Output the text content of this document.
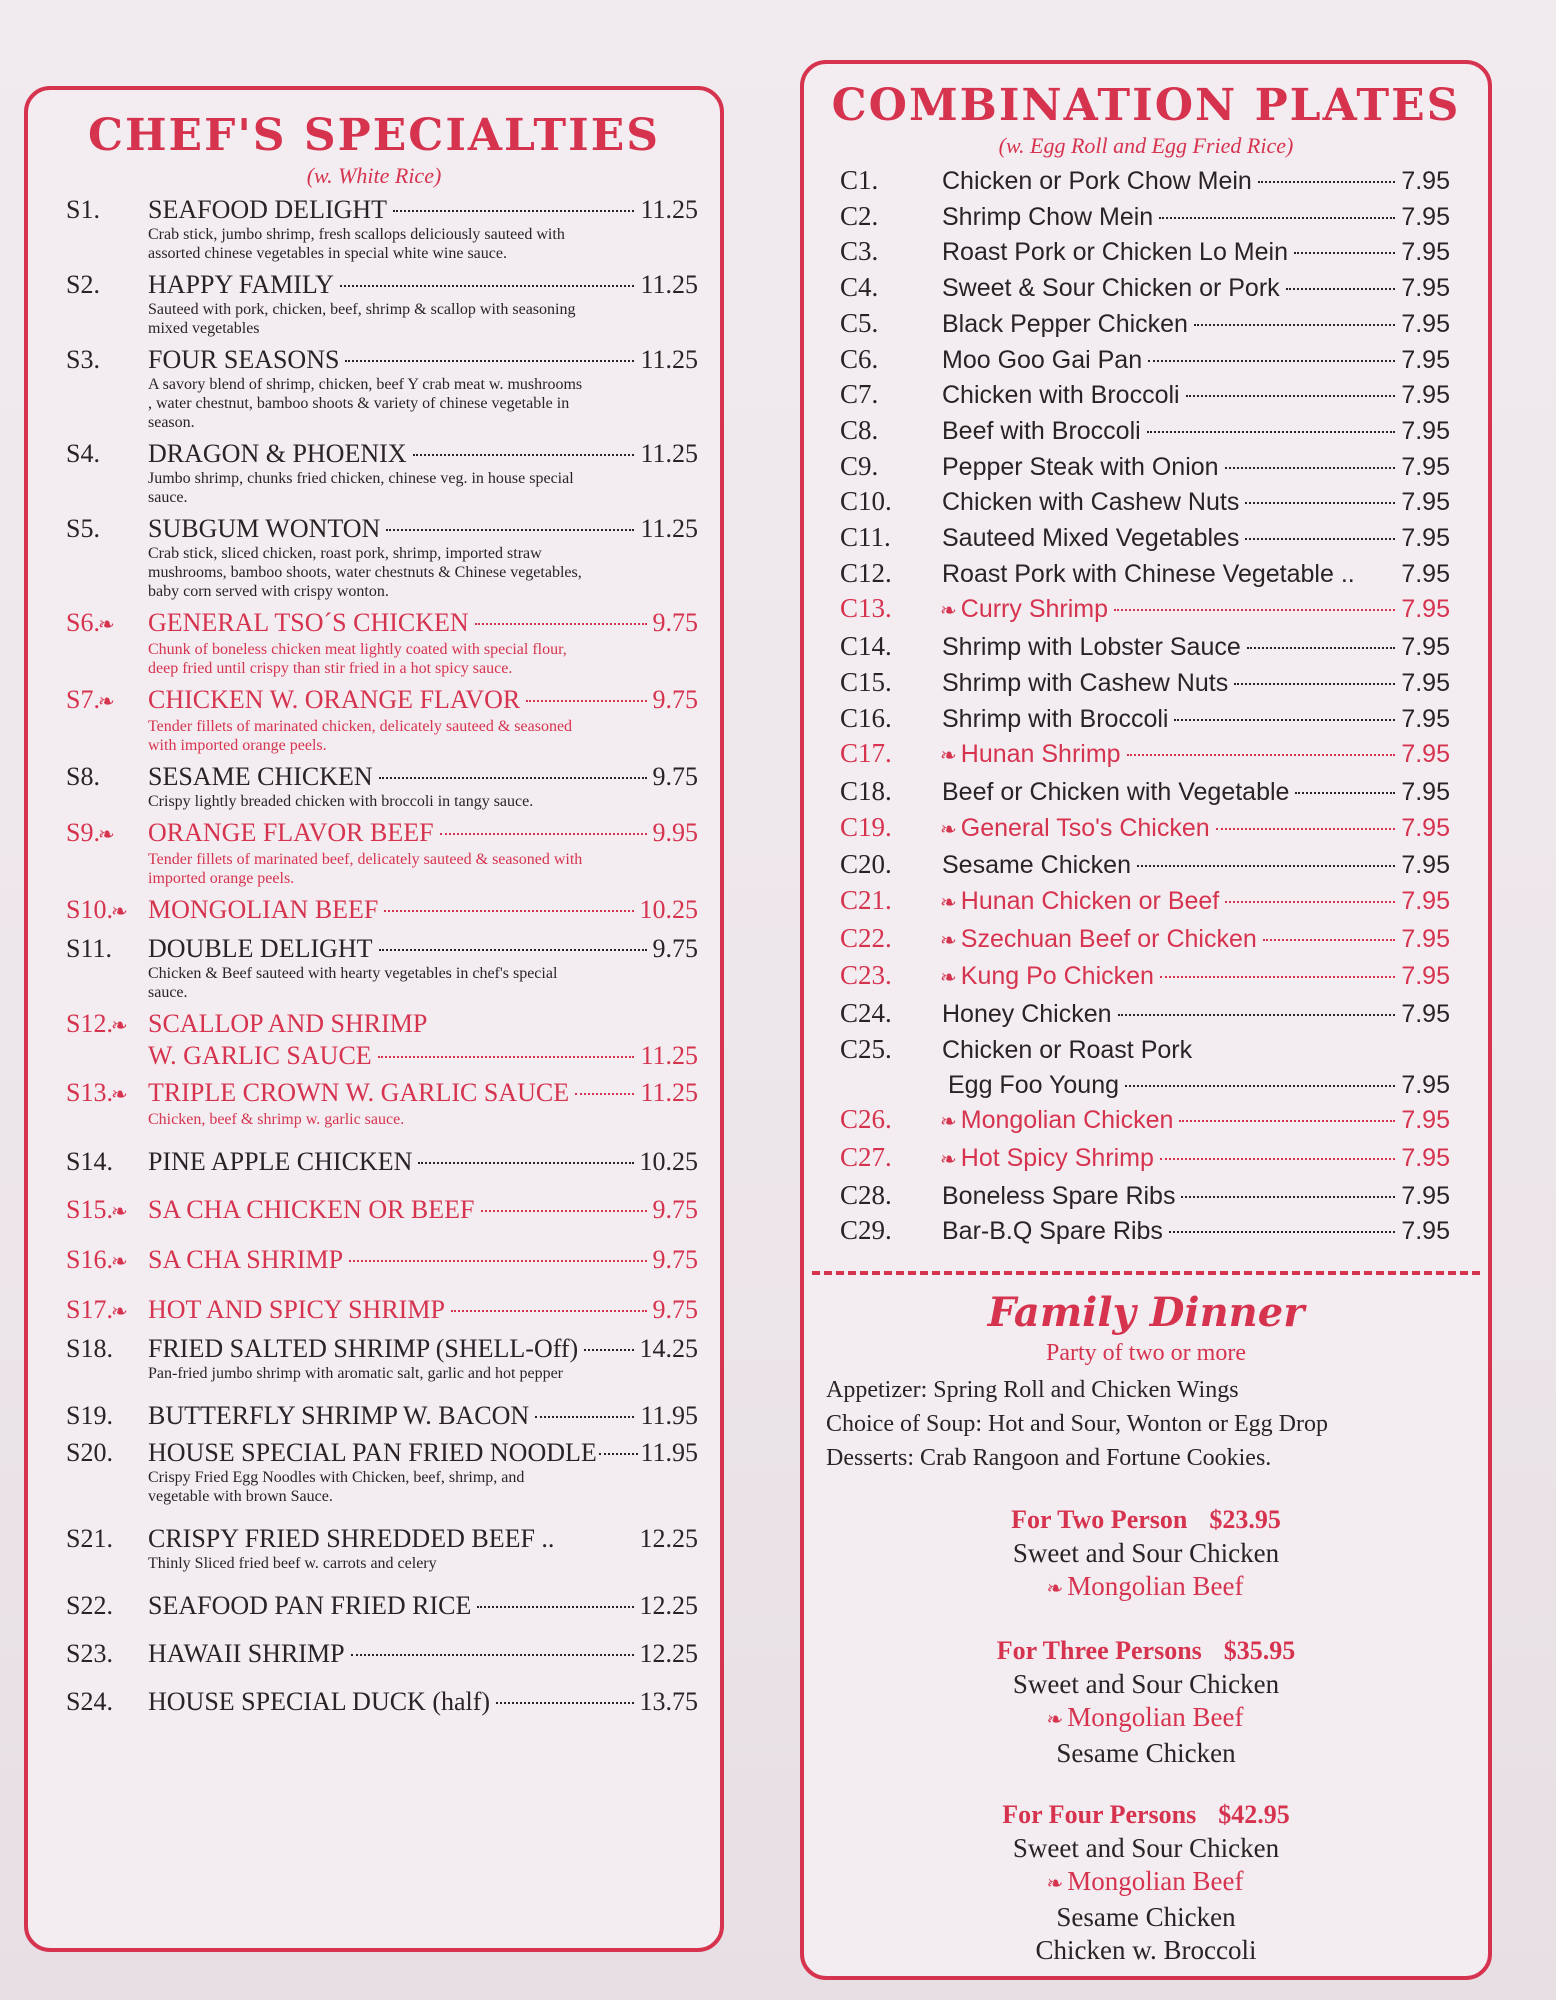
CHEF'S SPECIALTIES
(w. White Rice)
S1.	SEAFOOD DELIGHT	11.25
Crab stick, jumbo shrimp, fresh scallops deliciously sauteed with assorted chinese vegetables in special white wine sauce.
S2.	HAPPY FAMILY	11.25
Sauteed with pork, chicken, beef, shrimp & scallop with seasoning mixed vegetables
S3.	FOUR SEASONS	11.25
A savory blend of shrimp, chicken, beef Y crab meat w. mushrooms , water chestnut, bamboo shoots & variety of chinese vegetable in season.
S4.	DRAGON & PHOENIX	11.25
Jumbo shrimp, chunks fried chicken, chinese veg. in house special sauce.
S5.	SUBGUM WONTON	11.25
Crab stick, sliced chicken, roast pork, shrimp, imported straw mushrooms, bamboo shoots, water chestnuts & Chinese vegetables, baby corn served with crispy wonton.
S6.❧	GENERAL TSO´S CHICKEN	9.75
Chunk of boneless chicken meat lightly coated with special flour, deep fried until crispy than stir fried in a hot spicy sauce.
S7.❧	CHICKEN W. ORANGE FLAVOR	9.75
Tender fillets of marinated chicken, delicately sauteed & seasoned with imported orange peels.
S8.	SESAME CHICKEN	9.75
Crispy lightly breaded chicken with broccoli in tangy sauce.
S9.❧	ORANGE FLAVOR BEEF	9.95
Tender fillets of marinated beef, delicately sauteed & seasoned with imported orange peels.
S10.❧ MONGOLIAN BEEF	10.25
S11.	DOUBLE DELIGHT	9.75
Chicken & Beef sauteed with hearty vegetables in chef's special sauce.
S12.❧ SCALLOP AND SHRIMP
W. GARLIC SAUCE	11.25
S13.❧ TRIPLE CROWN W. GARLIC SAUCE	11.25
Chicken, beef & shrimp w. garlic sauce.
S14.	PINE APPLE CHICKEN	10.25
S15.❧ SA CHA CHICKEN OR BEEF	9.75
S16.❧ SA CHA SHRIMP	9.75
S17.❧ HOT AND SPICY SHRIMP	9.75
S18.	FRIED SALTED SHRIMP (SHELL-Off) 14.25
Pan-fried jumbo shrimp with aromatic salt, garlic and hot pepper
S19.	BUTTERFLY SHRIMP W. BACON	11.95
S20.	HOUSE SPECIAL PAN FRIED NOODLE 11.95
Crispy Fried Egg Noodles with Chicken, beef, shrimp, and vegetable with brown Sauce.
S21.	CRISPY FRIED SHREDDED BEEF ..	12.25
Thinly Sliced fried beef w. carrots and celery
S22.	SEAFOOD PAN FRIED RICE	12.25
S23.	HAWAII SHRIMP	12.25
S24.	HOUSE SPECIAL DUCK (half)	13.75
COMBINATION PLATES
(w. Egg Roll and Egg Fried Rice)
C1.	Chicken or Pork Chow Mein	7.95
C2.	Shrimp Chow Mein	7.95
C3.	Roast Pork or Chicken Lo Mein	7.95
C4.	Sweet & Sour Chicken or Pork	7.95
C5.	Black Pepper Chicken	7.95
C6.	Moo Goo Gai Pan	7.95
C7.	Chicken with Broccoli	7.95
C8.	Beef with Broccoli	7.95
C9.	Pepper Steak with Onion	7.95
C10.	Chicken with Cashew Nuts	7.95
C11.	Sauteed Mixed Vegetables	7.95
C12.	Roast Pork with Chinese Vegetable .. 7.95
C13.	❧ Curry Shrimp	7.95
C14.	Shrimp with Lobster Sauce	7.95
C15.	Shrimp with Cashew Nuts	7.95
C16.	Shrimp with Broccoli	7.95
C17.	❧ Hunan Shrimp	7.95
C18.	Beef or Chicken with Vegetable	7.95
C19.	❧ General Tso's Chicken	7.95
C20.	Sesame Chicken	7.95
C21.	❧ Hunan Chicken or Beef	7.95
C22.	❧ Szechuan Beef or Chicken	7.95
C23.	❧ Kung Po Chicken	7.95
C24.	Honey Chicken	7.95
C25.	Chicken or Roast Pork
Egg Foo Young	7.95
C26.	❧ Mongolian Chicken	7.95
C27.	❧ Hot Spicy Shrimp	7.95
C28.	Boneless Spare Ribs	7.95
C29.	Bar-B.Q Spare Ribs	7.95
Family Dinner
Party of two or more
Appetizer: Spring Roll and Chicken Wings
Choice of Soup: Hot and Sour, Wonton or Egg Drop
Desserts: Crab Rangoon and Fortune Cookies.
For Two Person $23.95
Sweet and Sour Chicken
❧ Mongolian Beef
For Three Persons $35.95
Sweet and Sour Chicken
❧ Mongolian Beef
Sesame Chicken
For Four Persons $42.95
Sweet and Sour Chicken
❧ Mongolian Beef
Sesame Chicken
Chicken w. Broccoli
